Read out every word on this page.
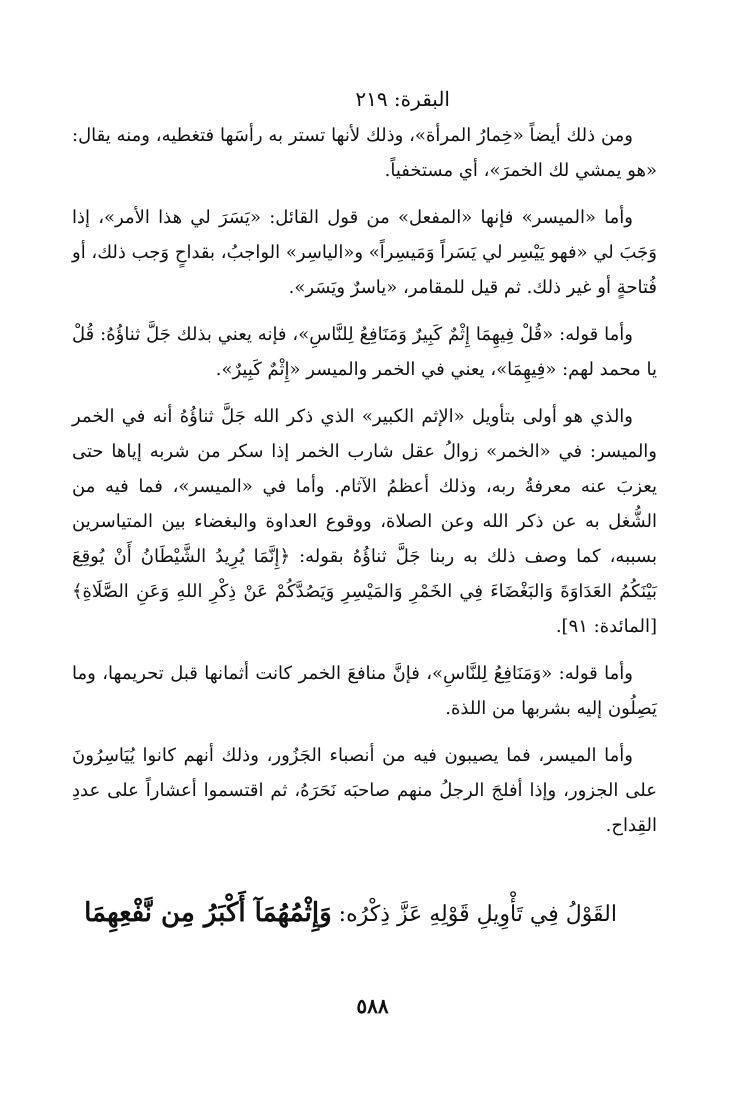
البقرة: ٢١٩

ومن ذلك أيضاً «خِمارُ المرأة»، وذلك لأنها تستر به رأسَها فتغطيه، ومنه يقال: «هو يمشي لك الخمرَ»، أي مستخفياً.

وأما «الميسر» فإنها «المفعل» من قول القائل: «يَسَرَ لي هذا الأمر»، إذا وَجَبَ لي «فهو يَيْسِر لي يَسَراً وَمَيسِراً» و«الياسِر» الواجبُ، بقداحٍ وَجب ذلك، أو فُتاحةٍ أو غير ذلك. ثم قيل للمقامر، «ياسرٌ ويَسَر».

وأما قوله: «قُلْ فِيهِمَا إِثْمٌ كَبِيرٌ وَمَنَافِعُ لِلنَّاسِ»، فإنه يعني بذلك جَلَّ ثناؤُهُ: قُلْ يا محمد لهم: «فِيهِمَا»، يعني في الخمر والميسر «إِثْمٌ كَبِيرٌ».

والذي هو أولى بتأويل «الإثم الكبير» الذي ذكر الله جَلَّ ثناؤُهُ أنه في الخمر والميسر: في «الخمر» زوالُ عقل شارب الخمر إذا سكر من شربه إياها حتى يعزبَ عنه معرفةُ ربه، وذلك أعظمُ الآثام. وأما في «الميسر»، فما فيه من الشُّغل به عن ذكر الله وعن الصلاة، ووقوع العداوة والبغضاء بين المتياسرين بسببه، كما وصف ذلك به ربنا جَلَّ ثناؤُهُ بقوله: ﴿إِنَّمَا يُرِيدُ الشَّيْطَانُ أَنْ يُوقِعَ بَيْنَكُمُ العَدَاوَةَ وَالبَغْضَاءَ فِي الخَمْرِ وَالمَيْسِرِ وَيَصُدَّكُمْ عَنْ ذِكْرِ اللهِ وَعَنِ الصَّلَاةِ﴾ [المائدة: ٩١].

وأما قوله: «وَمَنَافِعُ لِلنَّاسِ»، فإنَّ منافعَ الخمر كانت أثمانها قبل تحريمها، وما يَصِلُون إليه بشربها من اللذة.

وأما الميسر، فما يصيبون فيه من أنصباء الجَزُور، وذلك أنهم كانوا يُيَاسِرُونَ على الجزور، وإذا أفلجَ الرجلُ منهم صاحبَه نَحَرَهُ، ثم اقتسموا أعشاراً على عددِ القِداح.

القَوْلُ فِي تَأْوِيلِ قَوْلِهِ عَزَّ ذِكْرُه: وَإِثْمُهُمَآ أَكْبَرُ مِن نَّفْعِهِمَا
٥٨٨
